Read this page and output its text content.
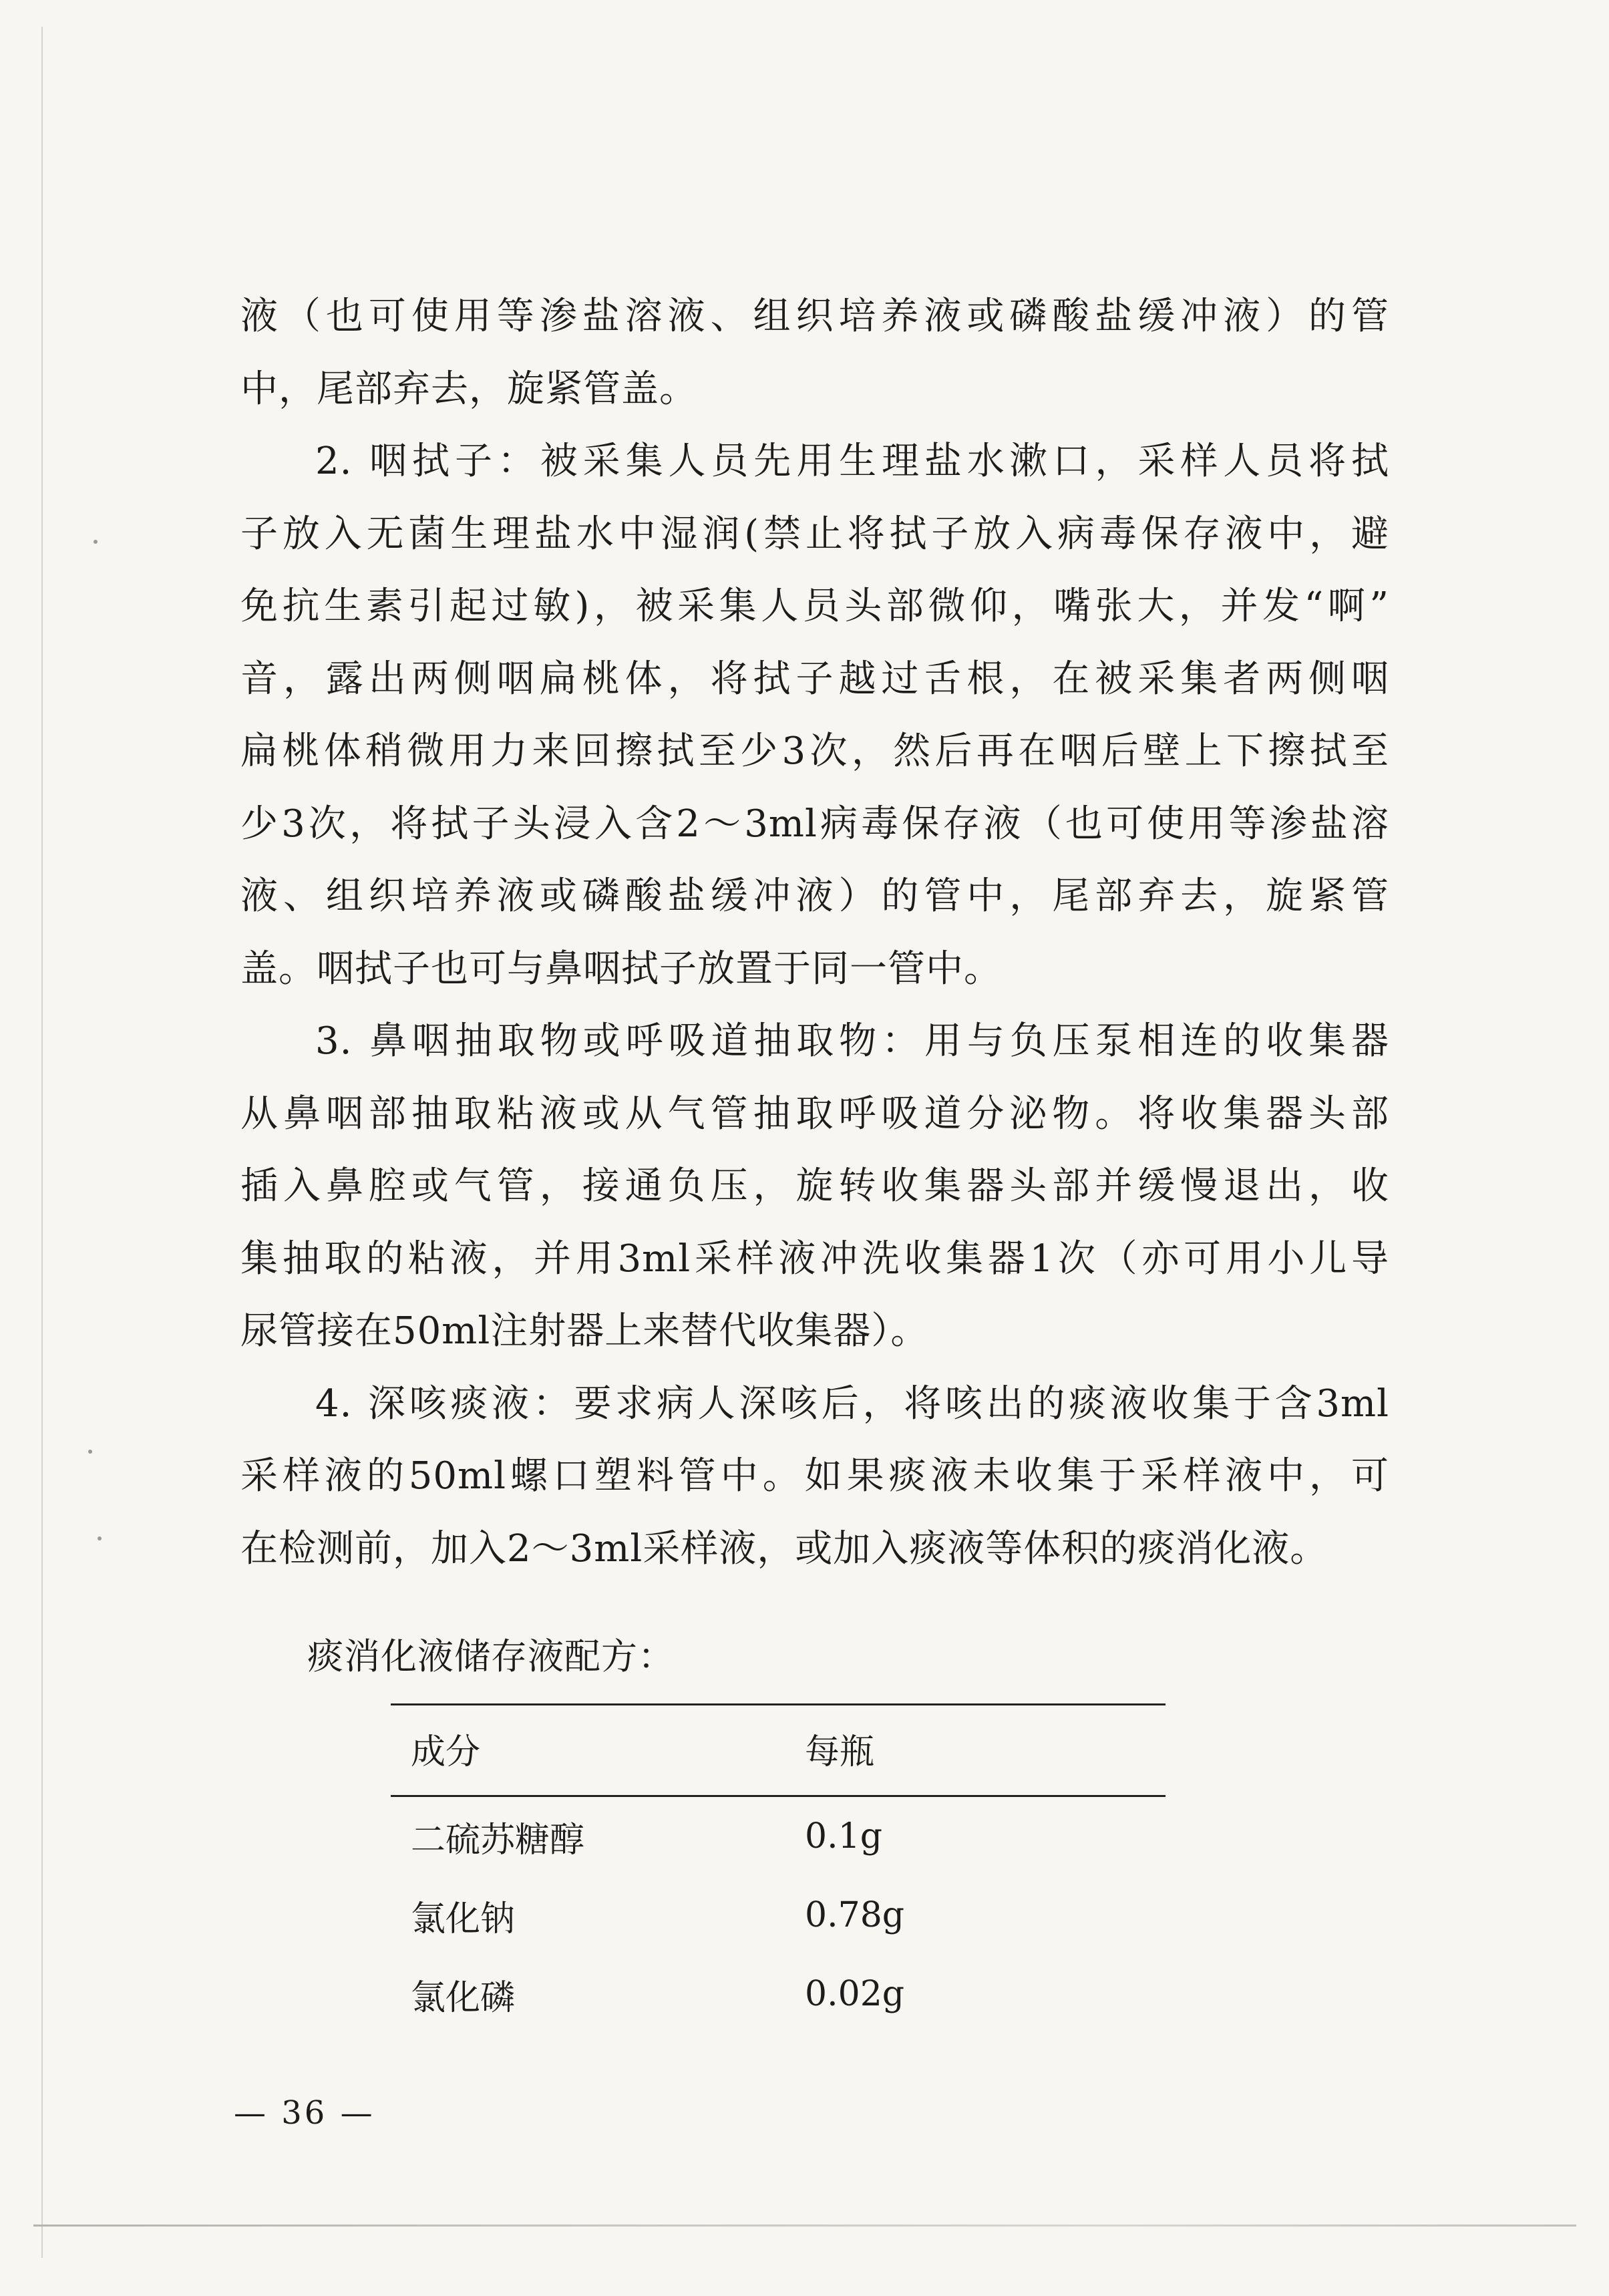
液（也可使用等渗盐溶液、组织培养液或磷酸盐缓冲液）的管
中，尾部弃去，旋紧管盖。
2. 咽拭子：被采集人员先用生理盐水漱口，采样人员将拭
子放入无菌生理盐水中湿润(禁止将拭子放入病毒保存液中，避
免抗生素引起过敏)，被采集人员头部微仰，嘴张大，并发“啊”
音，露出两侧咽扁桃体，将拭子越过舌根，在被采集者两侧咽
扁桃体稍微用力来回擦拭至少3次，然后再在咽后壁上下擦拭至
少3次，将拭子头浸入含2～3ml病毒保存液（也可使用等渗盐溶
液、组织培养液或磷酸盐缓冲液）的管中，尾部弃去，旋紧管
盖。咽拭子也可与鼻咽拭子放置于同一管中。
3. 鼻咽抽取物或呼吸道抽取物：用与负压泵相连的收集器
从鼻咽部抽取粘液或从气管抽取呼吸道分泌物。将收集器头部
插入鼻腔或气管，接通负压，旋转收集器头部并缓慢退出，收
集抽取的粘液，并用3ml采样液冲洗收集器1次（亦可用小儿导
尿管接在50ml注射器上来替代收集器）。
4. 深咳痰液：要求病人深咳后，将咳出的痰液收集于含3ml
采样液的50ml螺口塑料管中。如果痰液未收集于采样液中，可
在检测前，加入2～3ml采样液，或加入痰液等体积的痰消化液。
痰消化液储存液配方：
成分	每瓶
二硫苏糖醇	0.1g
氯化钠	0.78g
氯化磷	0.02g
— 36 —
